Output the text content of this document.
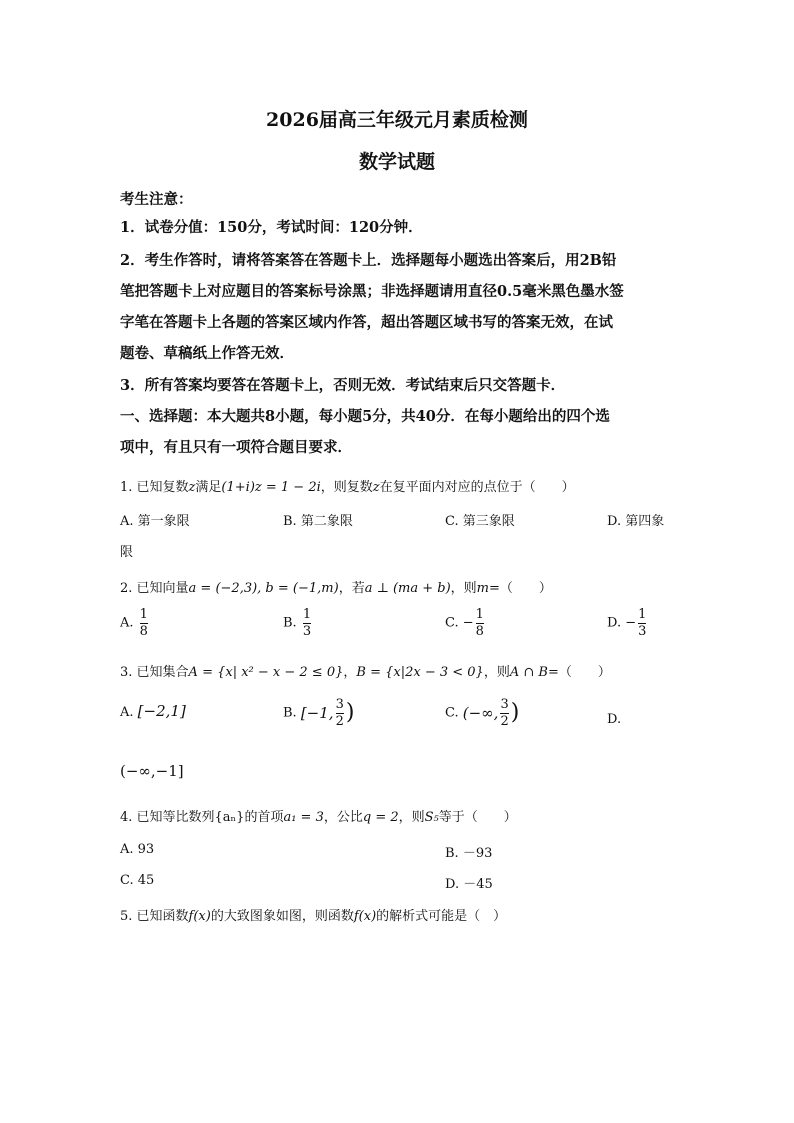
2026届高三年级元月素质检测
数学试题
考生注意：
1．试卷分值：150分，考试时间：120分钟．
2．考生作答时，请将答案答在答题卡上．选择题每小题选出答案后，用2B铅
笔把答题卡上对应题目的答案标号涂黑；非选择题请用直径0.5毫米黑色墨水签
字笔在答题卡上各题的答案区域内作答，超出答题区域书写的答案无效，在试
题卷、草稿纸上作答无效．
3．所有答案均要答在答题卡上，否则无效．考试结束后只交答题卡．
一、选择题：本大题共8小题，每小题5分，共40分．在每小题给出的四个选
项中，有且只有一项符合题目要求．
1. 已知复数z满足(1+i)z = 1 − 2i，则复数z在复平面内对应的点位于（　　）
A. 第一象限	B. 第二象限	C. 第三象限	D. 第四象
限
2. 已知向量a = (−2,3), b = (−1,m)，若a ⊥ (ma + b)，则m=（　　）
A. $\frac{1}{8}$	B. $\frac{1}{3}$	C. − $\frac{1}{8}$	D. − $\frac{1}{3}$
3. 已知集合A = {x| x² − x − 2 ≤ 0}，B = {x|2x − 3 < 0}，则A ∩ B=（　　）
A. [−2,1]	B. [−1, $\frac{3}{2}$ )	C. (−∞, $\frac{3}{2}$ )	D.
(−∞,−1]
4. 已知等比数列{aₙ}的首项a₁ = 3，公比q = 2，则S₅等于（　　）
A. 93	B. －93
C. 45	D. －45
5. 已知函数f(x)的大致图象如图，则函数f(x)的解析式可能是（　）
